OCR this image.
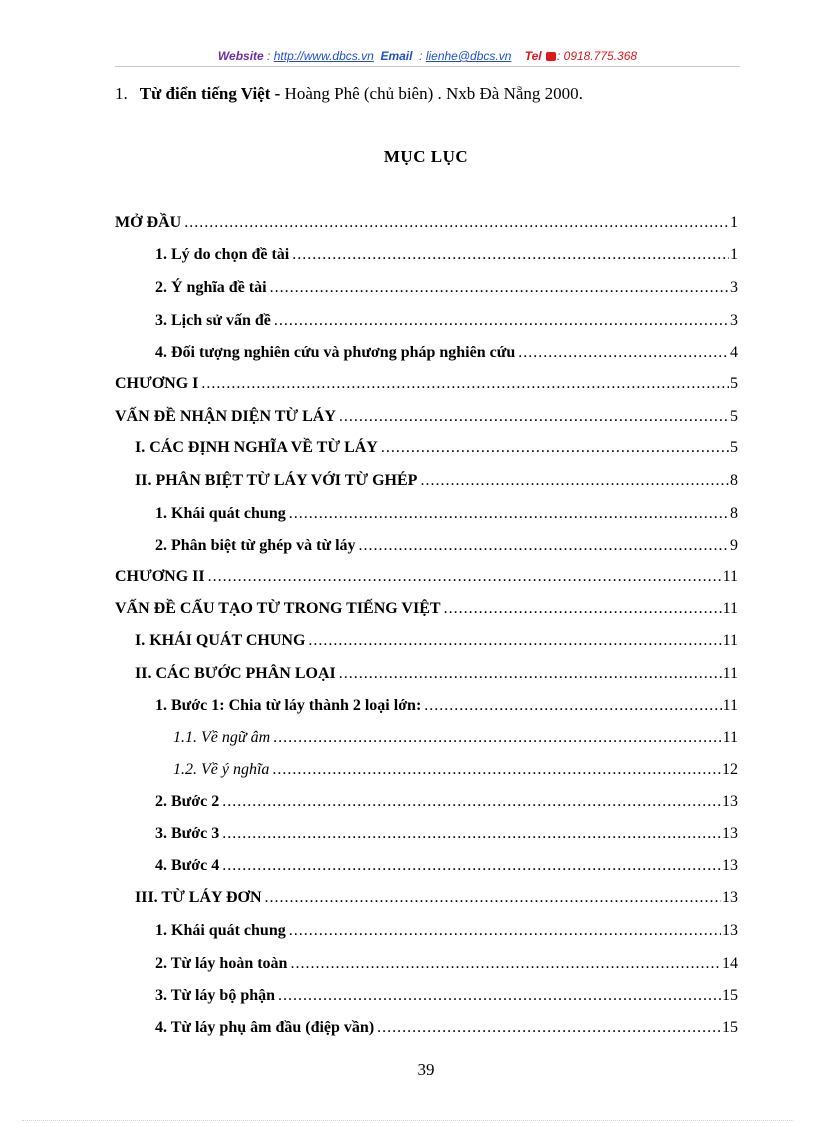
Website : http://www.dbcs.vn Email  : lienhe@dbcs.vn Tel : 0918.775.368
1. Từ điển tiếng Việt - Hoàng Phê (chủ biên) . Nxb Đà Nẵng 2000.
MỤC LỤC
MỞ ĐẦU .....	1
1. Lý do chọn đề tài .....	1
2. Ý nghĩa đề tài .....	3
3. Lịch sử vấn đề .....	3
4. Đối tượng nghiên cứu và phương pháp nghiên cứu .....	4
CHƯƠNG I .....	5
VẤN ĐỀ NHẬN DIỆN TỪ LÁY .....	5
I. CÁC ĐỊNH NGHĨA VỀ TỪ LÁY .....	5
II. PHÂN BIỆT TỪ LÁY VỚI TỪ GHÉP .....	8
1. Khái quát chung .....	8
2. Phân biệt từ ghép và từ láy .....	9
CHƯƠNG II .....	11
VẤN ĐỀ CẤU TẠO TỪ TRONG TIẾNG VIỆT .....	11
I. KHÁI QUÁT CHUNG .....	11
II. CÁC BƯỚC PHÂN LOẠI .....	11
1. Bước 1: Chia từ láy thành 2 loại lớn: .....	11
1.1. Về ngữ âm .....	11
1.2. Về ý nghĩa .....	12
2. Bước 2 .....	13
3. Bước 3 .....	13
4. Bước 4 .....	13
III. TỪ LÁY ĐƠN .....	13
1. Khái quát chung .....	13
2. Từ láy hoàn toàn .....	14
3. Từ láy bộ phận .....	15
4. Từ láy phụ âm đầu (điệp vần) .....	15
39
